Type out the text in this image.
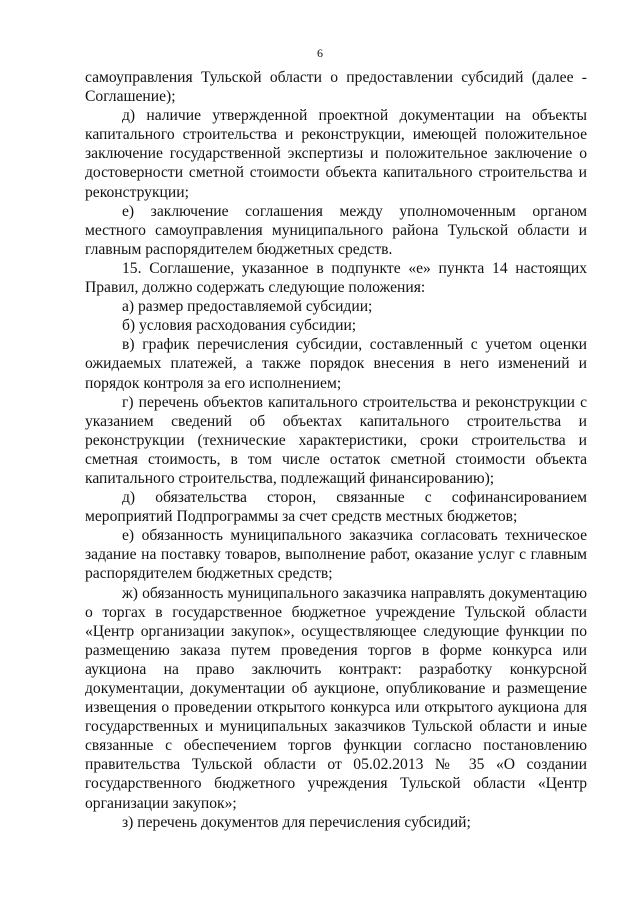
6

самоуправления Тульской области о предоставлении субсидий (далее - Соглашение);

д) наличие утвержденной проектной документации на объекты капитального строительства и реконструкции, имеющей положительное заключение государственной экспертизы и положительное заключение о достоверности сметной стоимости объекта капитального строительства и реконструкции;

е) заключение соглашения между уполномоченным органом местного самоуправления муниципального района Тульской области и главным распорядителем бюджетных средств.

15. Соглашение, указанное в подпункте «е» пункта 14 настоящих Правил, должно содержать следующие положения:

а) размер предоставляемой субсидии;

б) условия расходования субсидии;

в) график перечисления субсидии, составленный с учетом оценки ожидаемых платежей, а также порядок внесения в него изменений и порядок контроля за его исполнением;

г) перечень объектов капитального строительства и реконструкции с указанием сведений об объектах капитального строительства и реконструкции (технические характеристики, сроки строительства и сметная стоимость, в том числе остаток сметной стоимости объекта капитального строительства, подлежащий финансированию);

д) обязательства сторон, связанные с софинансированием мероприятий Подпрограммы за счет средств местных бюджетов;

е) обязанность муниципального заказчика согласовать техническое задание на поставку товаров, выполнение работ, оказание услуг с главным распорядителем бюджетных средств;

ж) обязанность муниципального заказчика направлять документацию о торгах в государственное бюджетное учреждение Тульской области «Центр организации закупок», осуществляющее следующие функции по размещению заказа путем проведения торгов в форме конкурса или аукциона на право заключить контракт: разработку конкурсной документации, документации об аукционе, опубликование и размещение извещения о проведении открытого конкурса или открытого аукциона для государственных и муниципальных заказчиков Тульской области и иные связанные с обеспечением торгов функции согласно постановлению правительства Тульской области от 05.02.2013 № 35 «О создании государственного бюджетного учреждения Тульской области «Центр организации закупок»;

з) перечень документов для перечисления субсидий;
